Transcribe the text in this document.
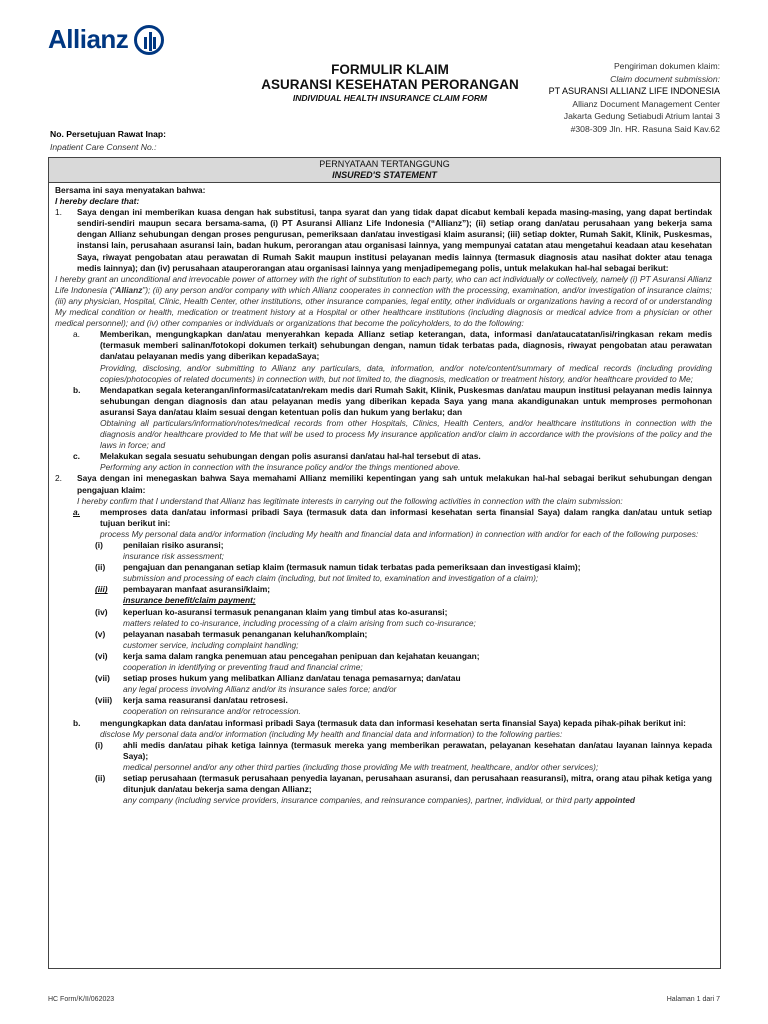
Allianz
FORMULIR KLAIM
ASURANSI KESEHATAN PERORANGAN
INDIVIDUAL HEALTH INSURANCE CLAIM FORM
Pengiriman dokumen klaim:
Claim document submission:
PT ASURANSI ALLIANZ LIFE INDONESIA
Allianz Document Management Center
Jakarta Gedung Setiabudi Atrium lantai 3
#308-309 Jln. HR. Rasuna Said Kav.62
No. Persetujuan Rawat Inap:
Inpatient Care Consent No.:
PERNYATAAN TERTANGGUNG
INSURED'S STATEMENT
Bersama ini saya menyatakan bahwa:
I hereby declare that:
1.	Saya dengan ini memberikan kuasa dengan hak substitusi, tanpa syarat dan yang tidak dapat dicabut kembali kepada masing-masing, yang dapat bertindak sendiri-sendiri maupun secara bersama-sama, (i) PT Asuransi Allianz Life Indonesia (“Allianz”); (ii) setiap orang dan/atau perusahaan yang bekerja sama dengan Allianz sehubungan dengan proses pengurusan, pemeriksaan dan/atau investigasi klaim asuransi; (iii) setiap dokter, Rumah Sakit, Klinik, Puskesmas, instansi lain, perusahaan asuransi lain, badan hukum, perorangan atau organisasi lainnya, yang mempunyai catatan atau mengetahui keadaan atau kesehatan Saya, riwayat pengobatan atau perawatan di Rumah Sakit maupun institusi pelayanan medis lainnya (termasuk diagnosis atau nasihat dokter atau tenaga medis lainnya); dan (iv) perusahaan atauperorangan atau organisasi lainnya yang menjadipemegang polis, untuk melakukan hal-hal sebagai berikut:
I hereby grant an unconditional and irrevocable power of attorney with the right of substitution to each party, who can act individually or collectively, namely (i) PT Asuransi Allianz Life Indonesia (“Allianz”); (ii) any person and/or company with which Allianz cooperates in connection with the processing, examination, and/or investigation of insurance claims; (iii) any physician, Hospital, Clinic, Health Center, other institutions, other insurance companies, legal entity, other individuals or organizations having a record of or understanding My medical condition or health, medication or treatment history at a Hospital or other healthcare institutions (including diagnosis or medical advice from a physician or other medical personnel); and (iv) other companies or individuals or organizations that become the policyholders, to do the following:
a.	Memberikan, mengungkapkan dan/atau menyerahkan kepada Allianz setiap keterangan, data, informasi dan/ataucatatan/isi/ringkasan rekam medis (termasuk memberi salinan/fotokopi dokumen terkait) sehubungan dengan, namun tidak terbatas pada, diagnosis, riwayat pengobatan atau perawatan dan/atau pelayanan medis yang diberikan kepadaSaya;
Providing, disclosing, and/or submitting to Allianz any particulars, data, information, and/or note/content/summary of medical records (including providing copies/photocopies of related documents) in connection with, but not limited to, the diagnosis, medication or treatment history, and/or healthcare provided to Me;
b.	Mendapatkan segala keterangan/informasi/catatan/rekam medis dari Rumah Sakit, Klinik, Puskesmas dan/atau maupun institusi pelayanan medis lainnya sehubungan dengan diagnosis dan atau pelayanan medis yang diberikan kepada Saya yang mana akandigunakan untuk memproses permohonan asuransi Saya dan/atau klaim sesuai dengan ketentuan polis dan hukum yang berlaku; dan
Obtaining all particulars/information/notes/medical records from other Hospitals, Clinics, Health Centers, and/or healthcare institutions in connection with the diagnosis and/or healthcare provided to Me that will be used to process My insurance application and/or claim in accordance with the provisions of the policy and the laws in force; and
c.	Melakukan segala sesuatu sehubungan dengan polis asuransi dan/atau hal-hal tersebut di atas.
Performing any action in connection with the insurance policy and/or the things mentioned above.
2.	Saya dengan ini menegaskan bahwa Saya memahami Allianz memiliki kepentingan yang sah untuk melakukan hal-hal sebagai berikut sehubungan dengan pengajuan klaim:
I hereby confirm that I understand that Allianz has legitimate interests in carrying out the following activities in connection with the claim submission:
a.	memproses data dan/atau informasi pribadi Saya (termasuk data dan informasi kesehatan serta finansial Saya) dalam rangka dan/atau untuk setiap tujuan berikut ini:
process My personal data and/or information (including My health and financial data and information) in connection with and/or for each of the following purposes:
(i)	penilaian risiko asuransi;
insurance risk assessment;
(ii)	pengajuan dan penanganan setiap klaim (termasuk namun tidak terbatas pada pemeriksaan dan investigasi klaim);
submission and processing of each claim (including, but not limited to, examination and investigation of a claim);
(iii)	pembayaran manfaat asuransi/klaim;
insurance benefit/claim payment;
(iv)	keperluan ko-asuransi termasuk penanganan klaim yang timbul atas ko-asuransi;
matters related to co-insurance, including processing of a claim arising from such co-insurance;
(v)	pelayanan nasabah termasuk penanganan keluhan/komplain;
customer service, including complaint handling;
(vi)	kerja sama dalam rangka penemuan atau pencegahan penipuan dan kejahatan keuangan;
cooperation in identifying or preventing fraud and financial crime;
(vii)	setiap proses hukum yang melibatkan Allianz dan/atau tenaga pemasarnya; dan/atau
any legal process involving Allianz and/or its insurance sales force; and/or
(viii)	kerja sama reasuransi dan/atau retrosesi.
cooperation on reinsurance and/or retrocession.
b.	mengungkapkan data dan/atau informasi pribadi Saya (termasuk data dan informasi kesehatan serta finansial Saya) kepada pihak-pihak berikut ini:
disclose My personal data and/or information (including My health and financial data and information) to the following parties:
(i)	ahli medis dan/atau pihak ketiga lainnya (termasuk mereka yang memberikan perawatan, pelayanan kesehatan dan/atau layanan lainnya kepada Saya);
medical personnel and/or any other third parties (including those providing Me with treatment, healthcare, and/or other services);
(ii)	setiap perusahaan (termasuk perusahaan penyedia layanan, perusahaan asuransi, dan perusahaan reasuransi), mitra, orang atau pihak ketiga yang ditunjuk dan/atau bekerja sama dengan Allianz;
any company (including service providers, insurance companies, and reinsurance companies), partner, individual, or third party appointed
HC Form/K/II/062023	Halaman 1 dari 7
